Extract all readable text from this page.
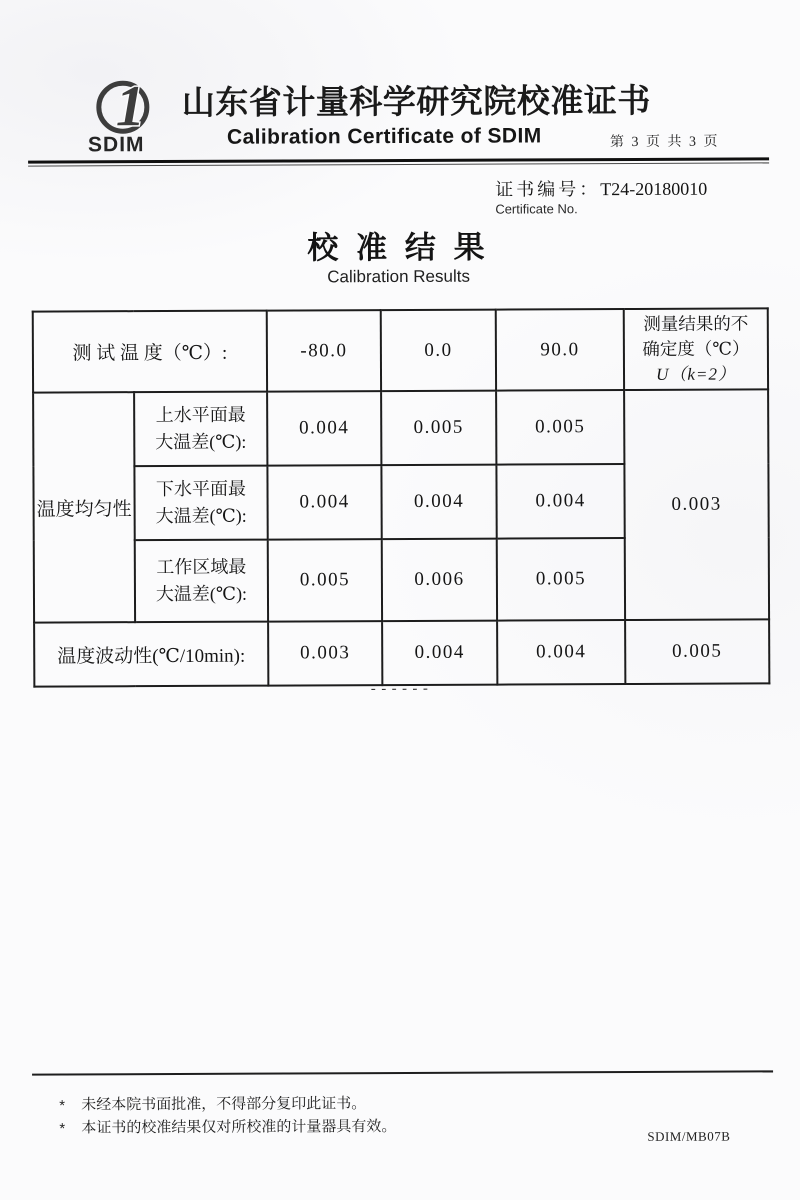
1
SDIM
山东省计量科学研究院校准证书
Calibration Certificate of SDIM	第 3 页 共 3 页
证书编号：T24-20180010
Certificate No.
校 准 结 果
Calibration Results
测 试 温 度（℃）:		-80.0	0.0	90.0	测量结果的不确定度（℃）
U（k=2）

温度均匀性	上水平面最大温差(℃):	0.004	0.005	0.005	0.003
	下水平面最大温差(℃):	0.004	0.004	0.004	
	工作区域最大温差(℃):	0.005	0.006	0.005	
温度波动性(℃/10min):		0.003	0.004	0.004	0.005
------
*	未经本院书面批准，不得部分复印此证书。
*	本证书的校准结果仅对所校准的计量器具有效。	SDIM/MB07B
